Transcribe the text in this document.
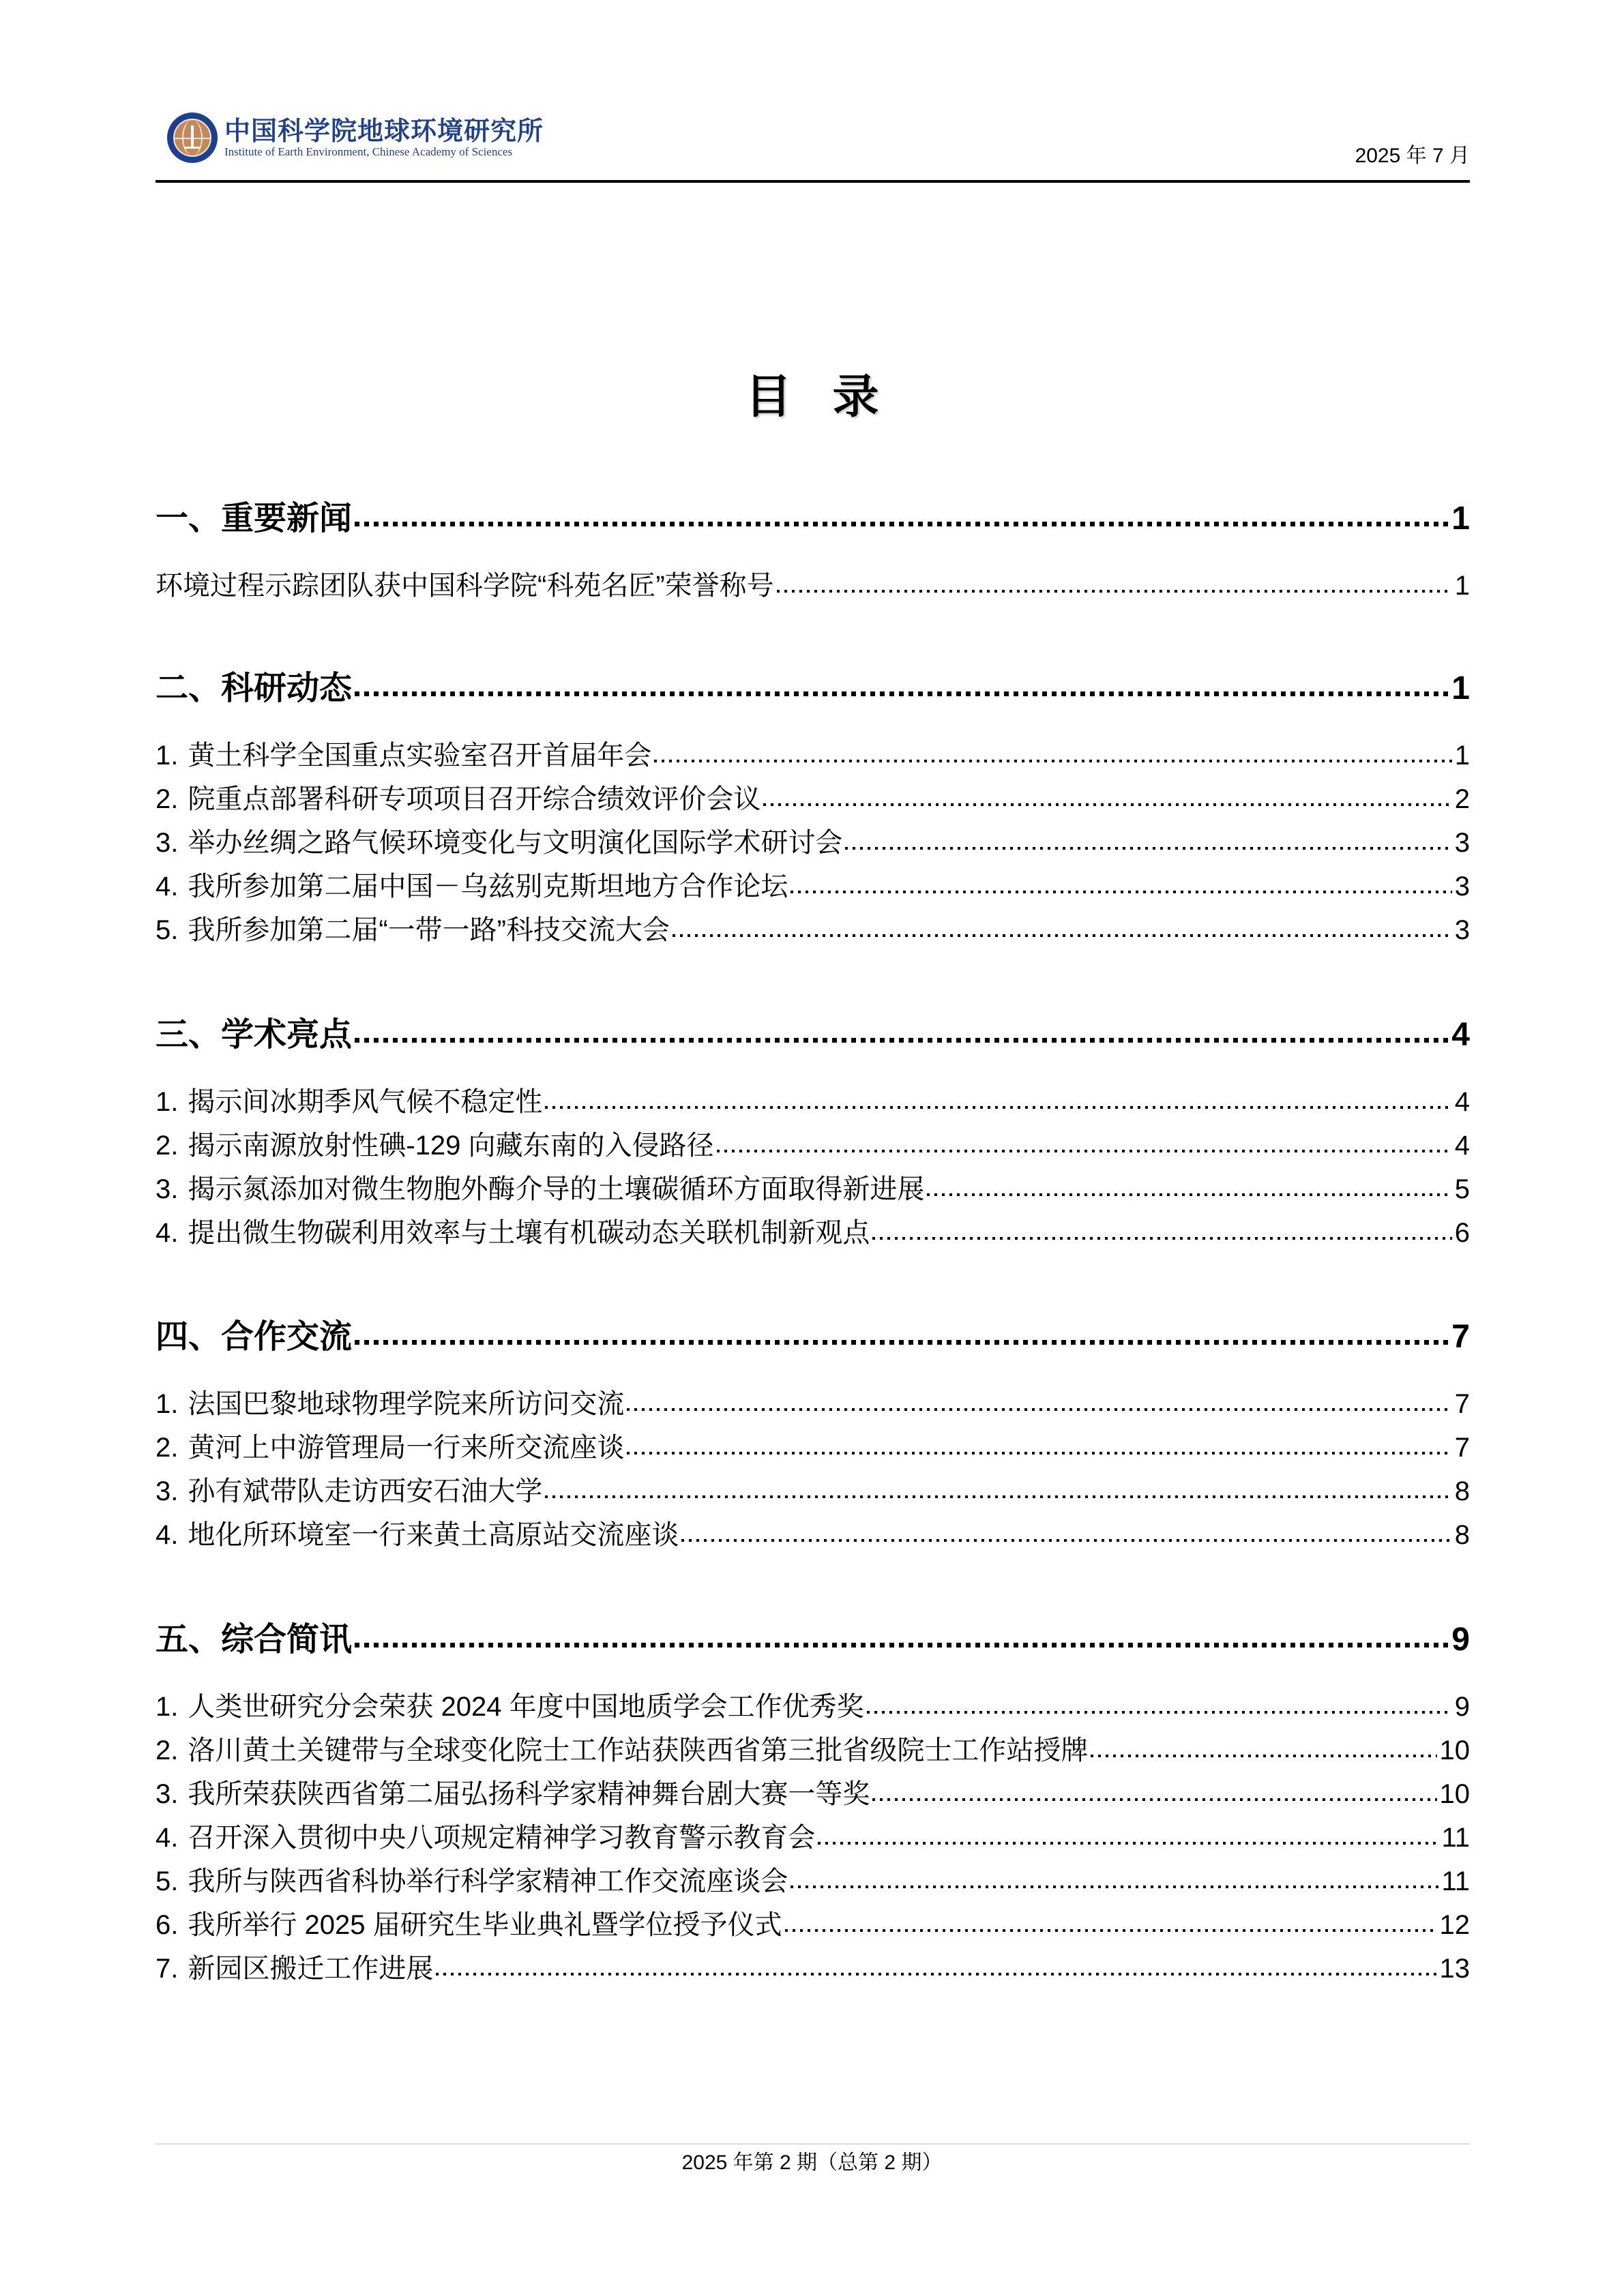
中国科学院地球环境研究所
Institute of Earth Environment, Chinese Academy of Sciences	2025 年 7 月
目录
一、重要新闻	1
环境过程示踪团队获中国科学院“科苑名匠”荣誉称号	1
二、科研动态	1
1. 黄土科学全国重点实验室召开首届年会	1
2. 院重点部署科研专项项目召开综合绩效评价会议	2
3. 举办丝绸之路气候环境变化与文明演化国际学术研讨会	3
4. 我所参加第二届中国－乌兹别克斯坦地方合作论坛	3
5. 我所参加第二届“一带一路”科技交流大会	3
三、学术亮点	4
1. 揭示间冰期季风气候不稳定性	4
2. 揭示南源放射性碘-129 向藏东南的入侵路径	4
3. 揭示氮添加对微生物胞外酶介导的土壤碳循环方面取得新进展	5
4. 提出微生物碳利用效率与土壤有机碳动态关联机制新观点	6
四、合作交流	7
1. 法国巴黎地球物理学院来所访问交流	7
2. 黄河上中游管理局一行来所交流座谈	7
3. 孙有斌带队走访西安石油大学	8
4. 地化所环境室一行来黄土高原站交流座谈	8
五、综合简讯	9
1. 人类世研究分会荣获 2024 年度中国地质学会工作优秀奖	9
2. 洛川黄土关键带与全球变化院士工作站获陕西省第三批省级院士工作站授牌	10
3. 我所荣获陕西省第二届弘扬科学家精神舞台剧大赛一等奖	10
4. 召开深入贯彻中央八项规定精神学习教育警示教育会	11
5. 我所与陕西省科协举行科学家精神工作交流座谈会	11
6. 我所举行 2025 届研究生毕业典礼暨学位授予仪式	12
7. 新园区搬迁工作进展	13
2025 年第 2 期（总第 2 期）
